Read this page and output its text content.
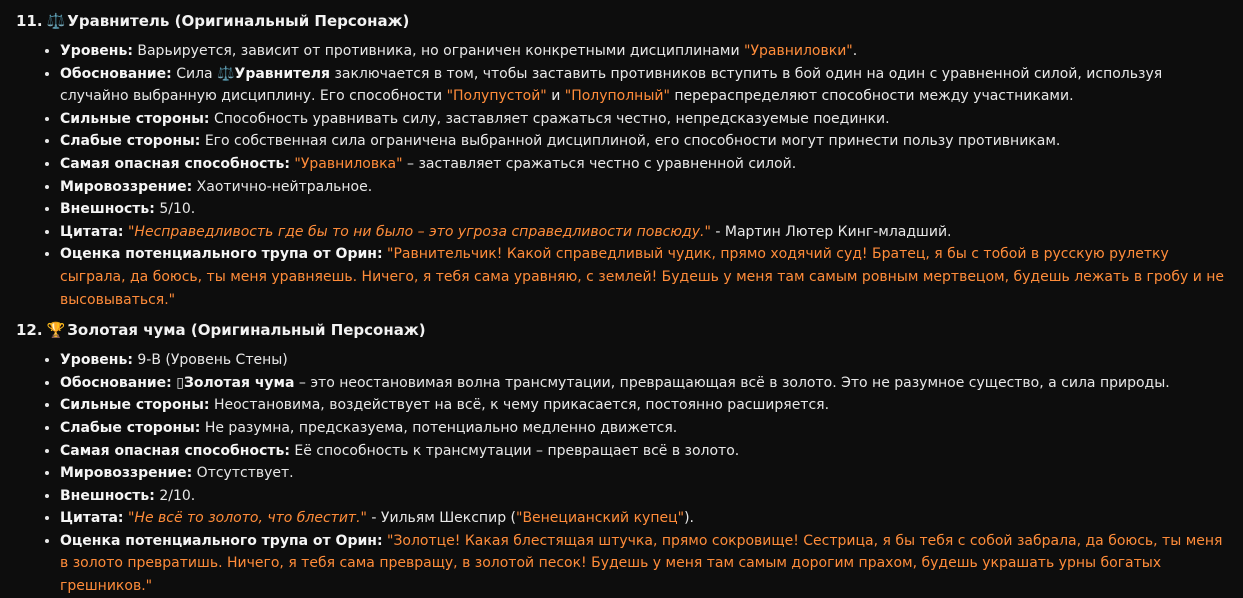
11. ⚖️ Уравнитель (Оригинальный Персонаж)
• Уровень: Варьируется, зависит от противника, но ограничен конкретными дисциплинами "Уравниловки".
• Обоснование: Сила ⚖️Уравнителя заключается в том, чтобы заставить противников вступить в бой один на один с уравненной силой, используя случайно выбранную дисциплину. Его способности "Полупустой" и "Полуполный" перераспределяют способности между участниками.
• Сильные стороны: Способность уравнивать силу, заставляет сражаться честно, непредсказуемые поединки.
• Слабые стороны: Его собственная сила ограничена выбранной дисциплиной, его способности могут принести пользу противникам.
• Самая опасная способность: "Уравниловка" – заставляет сражаться честно с уравненной силой.
• Мировоззрение: Хаотично-нейтральное.
• Внешность: 5/10.
• Цитата: "Несправедливость где бы то ни было – это угроза справедливости повсюду." - Мартин Лютер Кинг-младший.
• Оценка потенциального трупа от Орин: "Равнительчик! Какой справедливый чудик, прямо ходячий суд! Братец, я бы с тобой в русскую рулетку сыграла, да боюсь, ты меня уравняешь. Ничего, я тебя сама уравняю, с землей! Будешь у меня там самым ровным мертвецом, будешь лежать в гробу и не высовываться."
12. 🏆 Золотая чума (Оригинальный Персонаж)
• Уровень: 9-B (Уровень Стены)
• Обоснование: ▯Золотая чума – это неостановимая волна трансмутации, превращающая всё в золото. Это не разумное существо, а сила природы.
• Сильные стороны: Неостановима, воздействует на всё, к чему прикасается, постоянно расширяется.
• Слабые стороны: Не разумна, предсказуема, потенциально медленно движется.
• Самая опасная способность: Её способность к трансмутации – превращает всё в золото.
• Мировоззрение: Отсутствует.
• Внешность: 2/10.
• Цитата: "Не всё то золото, что блестит." - Уильям Шекспир ("Венецианский купец").
• Оценка потенциального трупа от Орин: "Золотце! Какая блестящая штучка, прямо сокровище! Сестрица, я бы тебя с собой забрала, да боюсь, ты меня в золото превратишь. Ничего, я тебя сама превращу, в золотой песок! Будешь у меня там самым дорогим прахом, будешь украшать урны богатых грешников."
